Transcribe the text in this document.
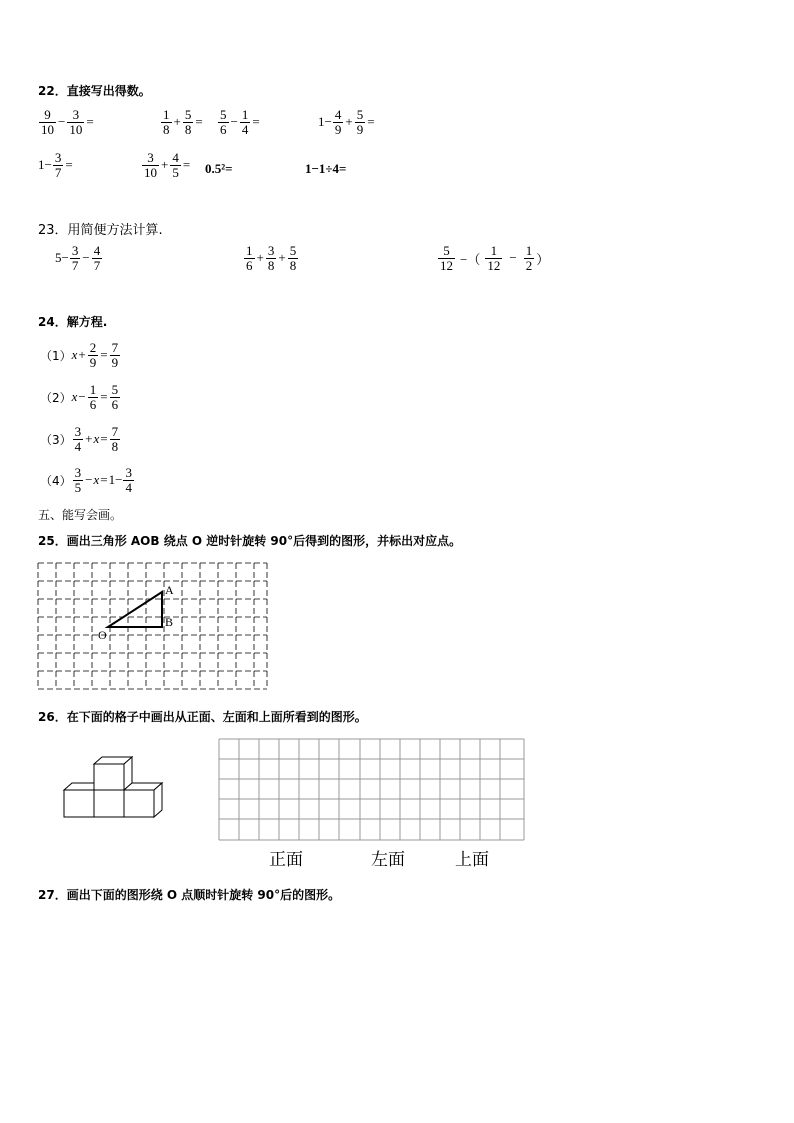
22．直接写出得数。
$\frac{9}{10} - \frac{3}{10}$ =	$\frac{1}{8} + \frac{5}{8} = \frac{5}{6} - \frac{1}{4}$ =	$1- \frac{4}{9} + \frac{5}{9}$ =
$1- \frac{3}{7}$ =	$\frac{3}{10} + \frac{4}{5} = 0.5^2=$	1−1÷4=
23．用简便方法计算.
$5- \frac{3}{7} - \frac{4}{7}$	$\frac{1}{6} + \frac{3}{8} + \frac{5}{8}$	$\frac{5}{12}$ −（ $\frac{1}{12} - \frac{1}{2}$ ）
24．解方程.
（1） $x + \frac{2}{9} = \frac{7}{9}$
（2） $x - \frac{1}{6} = \frac{5}{6}$
$(3) \frac{3}{4} + x = \frac{7}{8}$
$(4) \frac{3}{5} - x = 1- \frac{3}{4}$
五、能写会画。
25．画出三角形 AOB 绕点 O 逆时针旋转 90°后得到的图形，并标出对应点。
A
B
O
26．在下面的格子中画出从正面、左面和上面所看到的图形。
正面	左面	上面
27．画出下面的图形绕 O 点顺时针旋转 90°后的图形。
